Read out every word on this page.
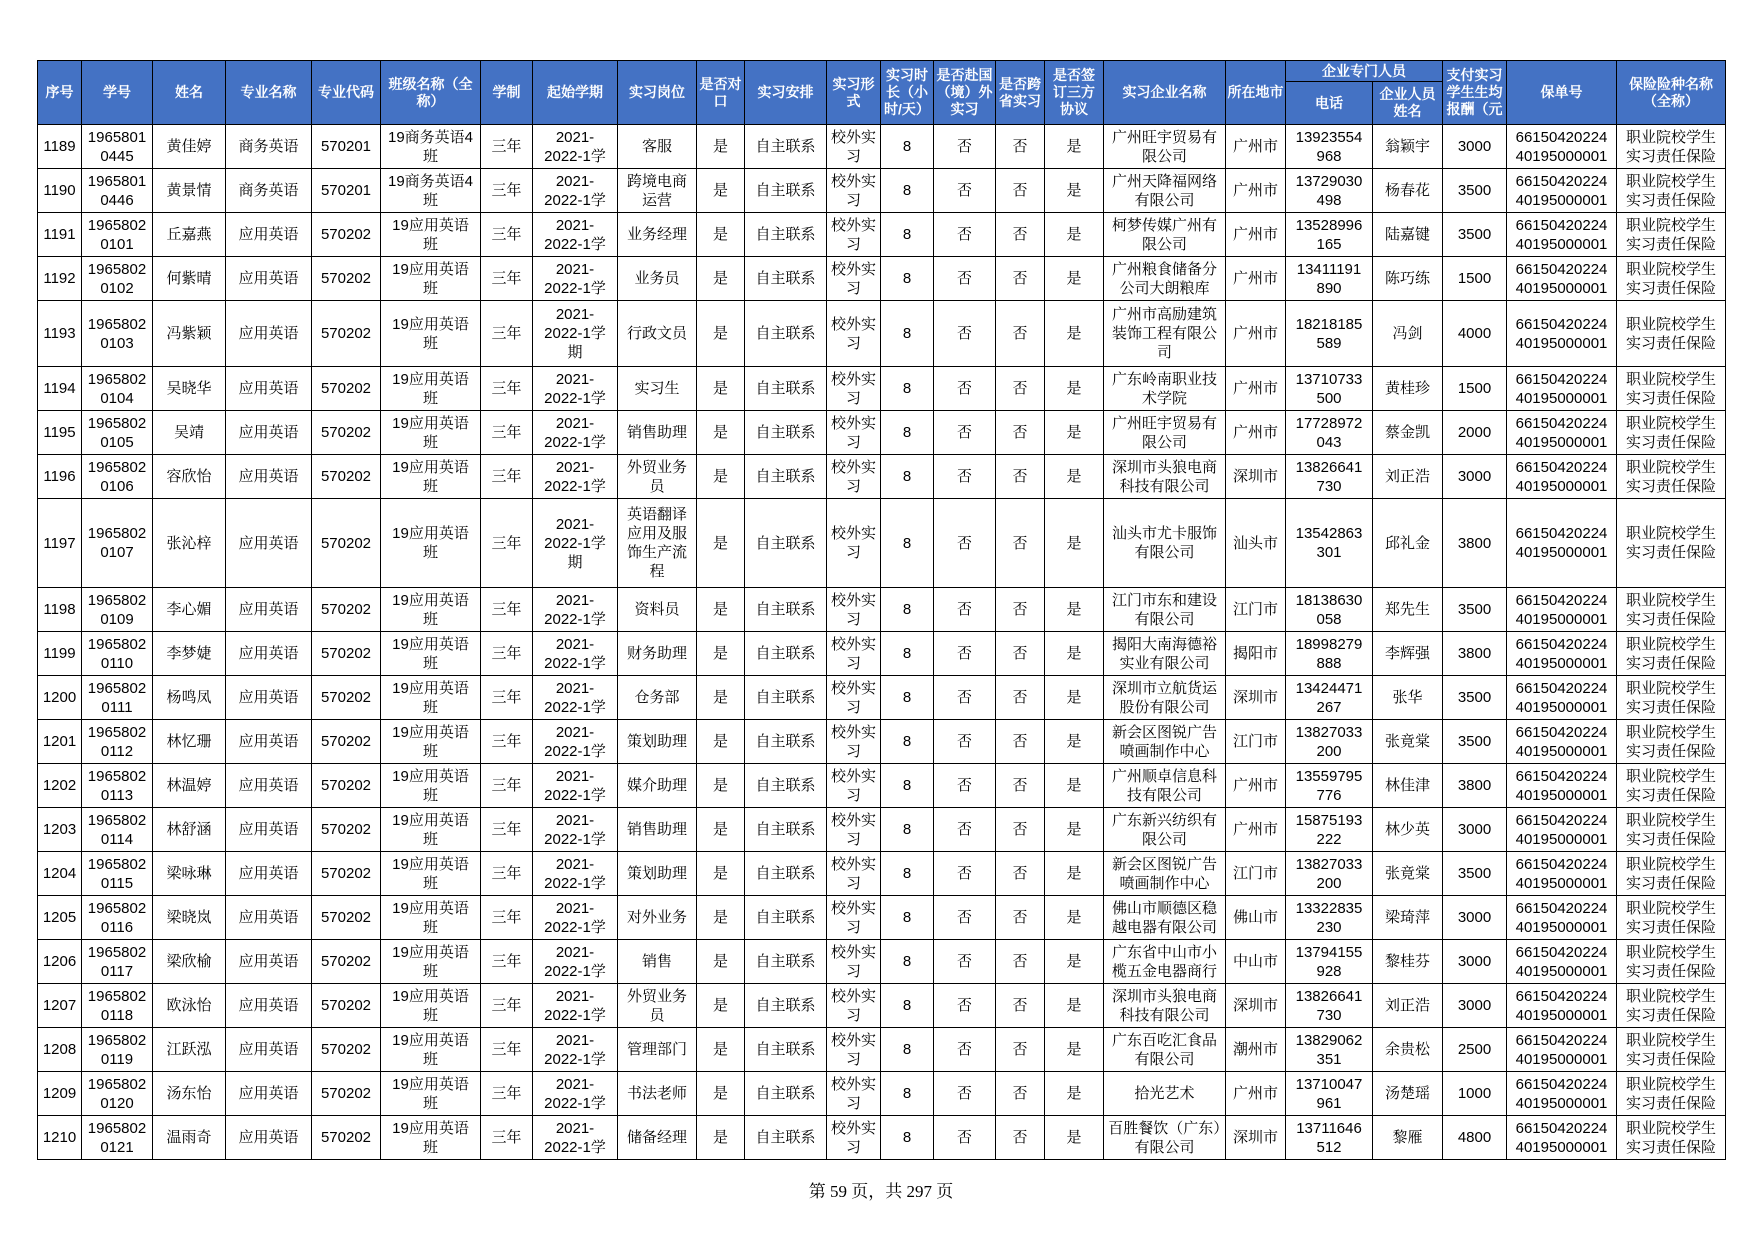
序号	学号	姓名	专业名称	专业代码	班级名称（全称）	学制	起始学期	实习岗位	是否对口	实习安排	实习形式	实习时长（小时/天）	是否赴国（境）外实习	是否跨省实习	是否签订三方协议	实习企业名称	所在地市	企业专门人员		支付实习学生生均报酬（元	保单号	保险险种名称（全称）
																		电话	企业人员姓名			
1189	19658010445	黄佳婷	商务英语	570201	19商务英语4班	三年	2021-2022-1学	客服	是	自主联系	校外实习	8	否	否	是	广州旺宇贸易有限公司	广州市	13923554968	翁颖宇	3000	6615042022440195000001	职业院校学生实习责任保险
1190	19658010446	黄景情	商务英语	570201	19商务英语4班	三年	2021-2022-1学	跨境电商运营	是	自主联系	校外实习	8	否	否	是	广州天降福网络有限公司	广州市	13729030498	杨春花	3500	6615042022440195000001	职业院校学生实习责任保险
1191	19658020101	丘嘉燕	应用英语	570202	19应用英语班	三年	2021-2022-1学	业务经理	是	自主联系	校外实习	8	否	否	是	柯梦传媒广州有限公司	广州市	13528996165	陆嘉键	3500	6615042022440195000001	职业院校学生实习责任保险
1192	19658020102	何紫晴	应用英语	570202	19应用英语班	三年	2021-2022-1学	业务员	是	自主联系	校外实习	8	否	否	是	广州粮食储备分公司大朗粮库	广州市	13411191890	陈巧练	1500	6615042022440195000001	职业院校学生实习责任保险
1193	19658020103	冯紫颖	应用英语	570202	19应用英语班	三年	2021-2022-1学期	行政文员	是	自主联系	校外实习	8	否	否	是	广州市高励建筑装饰工程有限公司	广州市	18218185589	冯剑	4000	6615042022440195000001	职业院校学生实习责任保险
1194	19658020104	吴晓华	应用英语	570202	19应用英语班	三年	2021-2022-1学	实习生	是	自主联系	校外实习	8	否	否	是	广东岭南职业技术学院	广州市	13710733500	黄桂珍	1500	6615042022440195000001	职业院校学生实习责任保险
1195	19658020105	吴靖	应用英语	570202	19应用英语班	三年	2021-2022-1学	销售助理	是	自主联系	校外实习	8	否	否	是	广州旺宇贸易有限公司	广州市	17728972043	蔡金凯	2000	6615042022440195000001	职业院校学生实习责任保险
1196	19658020106	容欣怡	应用英语	570202	19应用英语班	三年	2021-2022-1学	外贸业务员	是	自主联系	校外实习	8	否	否	是	深圳市头狼电商科技有限公司	深圳市	13826641730	刘正浩	3000	6615042022440195000001	职业院校学生实习责任保险
1197	19658020107	张沁梓	应用英语	570202	19应用英语班	三年	2021-2022-1学期	英语翻译应用及服饰生产流程	是	自主联系	校外实习	8	否	否	是	汕头市尤卡服饰有限公司	汕头市	13542863301	邱礼金	3800	6615042022440195000001	职业院校学生实习责任保险
1198	19658020109	李心媚	应用英语	570202	19应用英语班	三年	2021-2022-1学	资料员	是	自主联系	校外实习	8	否	否	是	江门市东和建设有限公司	江门市	18138630058	郑先生	3500	6615042022440195000001	职业院校学生实习责任保险
1199	19658020110	李梦婕	应用英语	570202	19应用英语班	三年	2021-2022-1学	财务助理	是	自主联系	校外实习	8	否	否	是	揭阳大南海德裕实业有限公司	揭阳市	18998279888	李辉强	3800	6615042022440195000001	职业院校学生实习责任保险
1200	19658020111	杨鸣凤	应用英语	570202	19应用英语班	三年	2021-2022-1学	仓务部	是	自主联系	校外实习	8	否	否	是	深圳市立航货运股份有限公司	深圳市	13424471267	张华	3500	6615042022440195000001	职业院校学生实习责任保险
1201	19658020112	林忆珊	应用英语	570202	19应用英语班	三年	2021-2022-1学	策划助理	是	自主联系	校外实习	8	否	否	是	新会区图锐广告喷画制作中心	江门市	13827033200	张竟棠	3500	6615042022440195000001	职业院校学生实习责任保险
1202	19658020113	林温婷	应用英语	570202	19应用英语班	三年	2021-2022-1学	媒介助理	是	自主联系	校外实习	8	否	否	是	广州顺卓信息科技有限公司	广州市	13559795776	林佳津	3800	6615042022440195000001	职业院校学生实习责任保险
1203	19658020114	林舒涵	应用英语	570202	19应用英语班	三年	2021-2022-1学	销售助理	是	自主联系	校外实习	8	否	否	是	广东新兴纺织有限公司	广州市	15875193222	林少英	3000	6615042022440195000001	职业院校学生实习责任保险
1204	19658020115	梁咏琳	应用英语	570202	19应用英语班	三年	2021-2022-1学	策划助理	是	自主联系	校外实习	8	否	否	是	新会区图锐广告喷画制作中心	江门市	13827033200	张竟棠	3500	6615042022440195000001	职业院校学生实习责任保险
1205	19658020116	梁晓岚	应用英语	570202	19应用英语班	三年	2021-2022-1学	对外业务	是	自主联系	校外实习	8	否	否	是	佛山市顺德区稳越电器有限公司	佛山市	13322835230	梁琦萍	3000	6615042022440195000001	职业院校学生实习责任保险
1206	19658020117	梁欣榆	应用英语	570202	19应用英语班	三年	2021-2022-1学	销售	是	自主联系	校外实习	8	否	否	是	广东省中山市小榄五金电器商行	中山市	13794155928	黎桂芬	3000	6615042022440195000001	职业院校学生实习责任保险
1207	19658020118	欧泳怡	应用英语	570202	19应用英语班	三年	2021-2022-1学	外贸业务员	是	自主联系	校外实习	8	否	否	是	深圳市头狼电商科技有限公司	深圳市	13826641730	刘正浩	3000	6615042022440195000001	职业院校学生实习责任保险
1208	19658020119	江跃泓	应用英语	570202	19应用英语班	三年	2021-2022-1学	管理部门	是	自主联系	校外实习	8	否	否	是	广东百吃汇食品有限公司	潮州市	13829062351	余贵松	2500	6615042022440195000001	职业院校学生实习责任保险
1209	19658020120	汤东怡	应用英语	570202	19应用英语班	三年	2021-2022-1学	书法老师	是	自主联系	校外实习	8	否	否	是	拾光艺术	广州市	13710047961	汤楚瑶	1000	6615042022440195000001	职业院校学生实习责任保险
1210	19658020121	温雨奇	应用英语	570202	19应用英语班	三年	2021-2022-1学	储备经理	是	自主联系	校外实习	8	否	否	是	百胜餐饮（广东）有限公司	深圳市	13711646512	黎雁	4800	6615042022440195000001	职业院校学生实习责任保险
第 59 页，共 297 页
